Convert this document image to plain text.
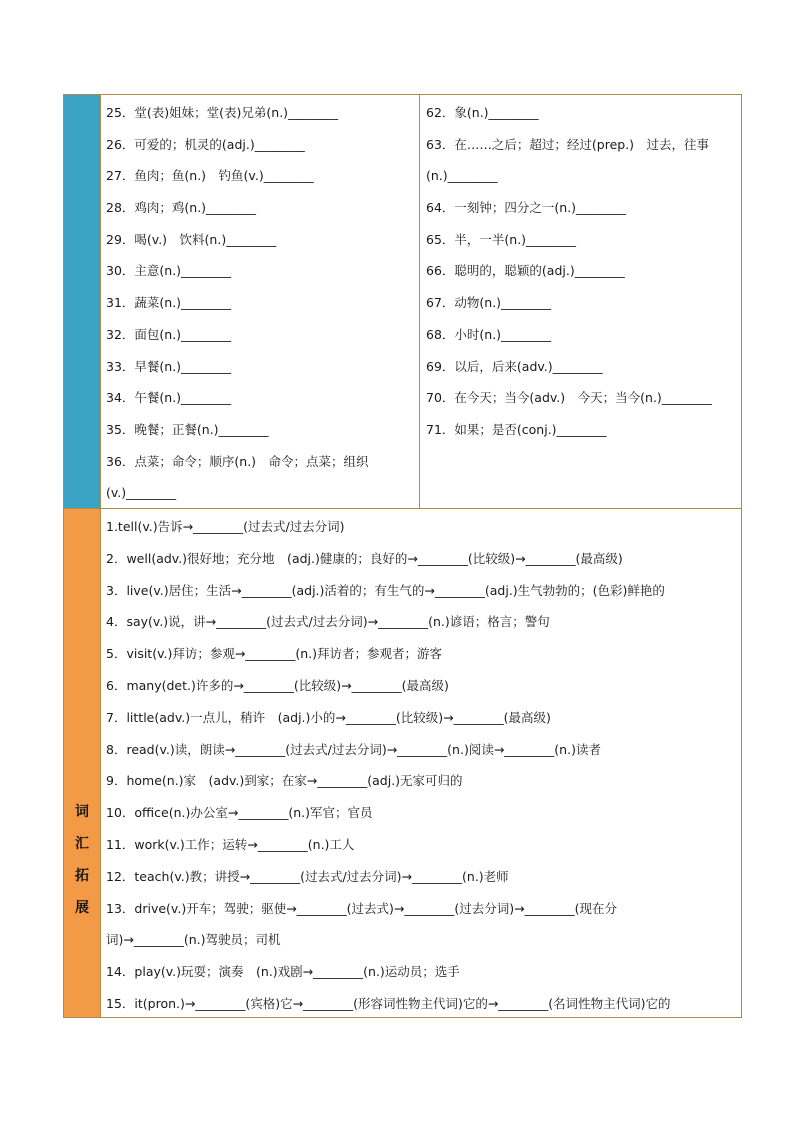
词
汇
拓
展
25．堂(表)姐妹；堂(表)兄弟(n.)________
26．可爱的；机灵的(adj.)________
27．鱼肉；鱼(n.)　钓鱼(v.)________
28．鸡肉；鸡(n.)________
29．喝(v.)　饮料(n.)________
30．主意(n.)________
31．蔬菜(n.)________
32．面包(n.)________
33．早餐(n.)________
34．午餐(n.)________
35．晚餐；正餐(n.)________
36．点菜；命令；顺序(n.)　命令；点菜；组织
(v.)________
62．象(n.)________
63．在……之后；超过；经过(prep.)　过去，往事
(n.)________
64．一刻钟；四分之一(n.)________
65．半，一半(n.)________
66．聪明的，聪颖的(adj.)________
67．动物(n.)________
68．小时(n.)________
69．以后，后来(adv.)________
70．在今天；当今(adv.)　今天；当今(n.)________
71．如果；是否(conj.)________
1.tell(v.)告诉→________(过去式/过去分词)
2．well(adv.)很好地；充分地　(adj.)健康的；良好的→________(比较级)→________(最高级)
3．live(v.)居住；生活→________(adj.)活着的；有生气的→________(adj.)生气勃勃的；(色彩)鲜艳的
4．say(v.)说，讲→________(过去式/过去分词)→________(n.)谚语；格言；警句
5．visit(v.)拜访；参观→________(n.)拜访者；参观者；游客
6．many(det.)许多的→________(比较级)→________(最高级)
7．little(adv.)一点儿，稍许　(adj.)小的→________(比较级)→________(最高级)
8．read(v.)读，朗读→________(过去式/过去分词)→________(n.)阅读→________(n.)读者
9．home(n.)家　(adv.)到家；在家→________(adj.)无家可归的
10．office(n.)办公室→________(n.)军官；官员
11．work(v.)工作；运转→________(n.)工人
12．teach(v.)教；讲授→________(过去式/过去分词)→________(n.)老师
13．drive(v.)开车；驾驶；驱使→________(过去式)→________(过去分词)→________(现在分
词)→________(n.)驾驶员；司机
14．play(v.)玩耍；演奏　(n.)戏剧→________(n.)运动员；选手
15．it(pron.)→________(宾格)它→________(形容词性物主代词)它的→________(名词性物主代词)它的
